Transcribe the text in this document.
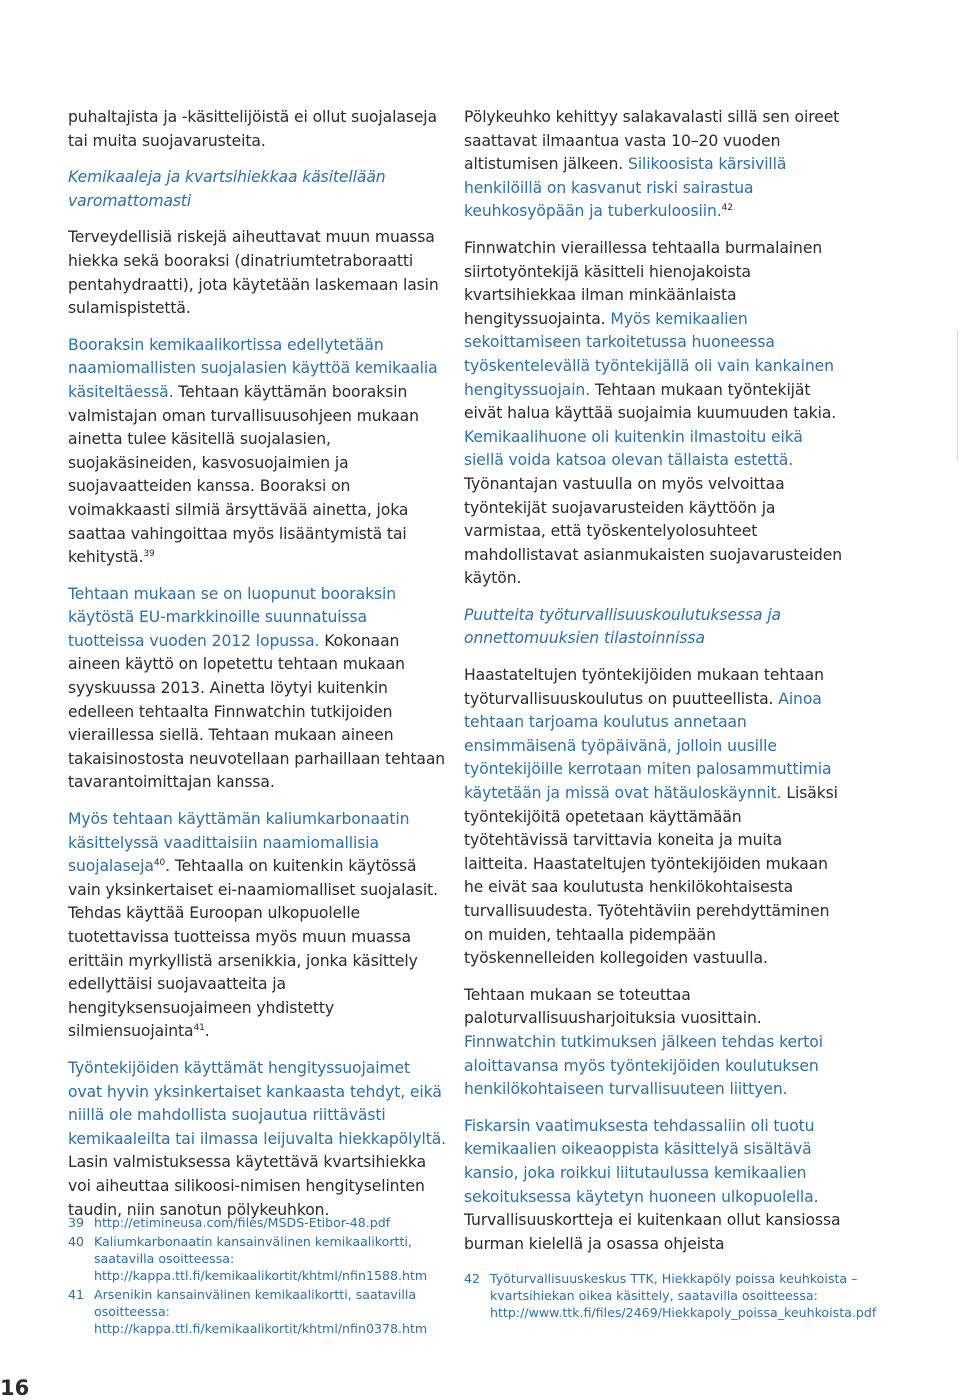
puhaltajista ja -käsittelijöistä ei ollut suojalaseja tai muita suojavarusteita.

Kemikaaleja ja kvartsihiekkaa käsitellään varomattomasti

Terveydellisiä riskejä aiheuttavat muun muassa hiekka sekä booraksi (dinatriumtetraboraatti pentahydraatti), jota käytetään laskemaan lasin sulamispistettä.

Booraksin kemikaalikortissa edellytetään naamiomallisten suojalasien käyttöä kemikaalia käsiteltäessä. Tehtaan käyttämän booraksin valmistajan oman turvallisuusohjeen mukaan ainetta tulee käsitellä suojalasien, suojakäsineiden, kasvosuojaimien ja suojavaatteiden kanssa. Booraksi on voimakkaasti silmiä ärsyttävää ainetta, joka saattaa vahingoittaa myös lisääntymistä tai kehitystä.$^{39}$

Tehtaan mukaan se on luopunut booraksin käytöstä EU-markkinoille suunnatuissa tuotteissa vuoden 2012 lopussa. Kokonaan aineen käyttö on lopetettu tehtaan mukaan syyskuussa 2013. Ainetta löytyi kuitenkin edelleen tehtaalta Finnwatchin tutkijoiden vieraillessa siellä. Tehtaan mukaan aineen takaisinostosta neuvotellaan parhaillaan tehtaan tavarantoimittajan kanssa.

Myös tehtaan käyttämän kaliumkarbonaatin käsittelyssä vaadittaisiin naamiomallisia suojalaseja$^{40}$. Tehtaalla on kuitenkin käytössä vain yksinkertaiset ei-naamiomalliset suojalasit. Tehdas käyttää Euroopan ulkopuolelle tuotettavissa tuotteissa myös muun muassa erittäin myrkyllistä arsenikkia, jonka käsittely edellyttäisi suojavaatteita ja hengityksensuojaimeen yhdistetty silmiensuojainta$^{41}$.

Työntekijöiden käyttämät hengityssuojaimet ovat hyvin yksinkertaiset kankaasta tehdyt, eikä niillä ole mahdollista suojautua riittävästi kemikaaleilta tai ilmassa leijuvalta hiekkapölyltä. Lasin valmistuksessa käytettävä kvartsihiekka voi aiheuttaa silikoosi-nimisen hengityselinten taudin, niin sanotun pölykeuhkon.

Pölykeuhko kehittyy salakavalasti sillä sen oireet saattavat ilmaantua vasta 10–20 vuoden altistumisen jälkeen. Silikoosista kärsivillä henkilöillä on kasvanut riski sairastua keuhkosyöpään ja tuberkuloosiin.$^{42}$

Finnwatchin vieraillessa tehtaalla burmalainen siirtotyöntekijä käsitteli hienojakoista kvartsihiekkaa ilman minkäänlaista hengityssuojainta. Myös kemikaalien sekoittamiseen tarkoitetussa huoneessa työskentelevällä työntekijällä oli vain kankainen hengityssuojain. Tehtaan mukaan työntekijät eivät halua käyttää suojaimia kuumuuden takia. Kemikaalihuone oli kuitenkin ilmastoitu eikä siellä voida katsoa olevan tällaista estettä. Työnantajan vastuulla on myös velvoittaa työntekijät suojavarusteiden käyttöön ja varmistaa, että työskentelyolosuhteet mahdollistavat asianmukaisten suojavarusteiden käytön.

Puutteita työturvallisuuskoulutuksessa ja onnettomuuksien tilastoinnissa

Haastateltujen työntekijöiden mukaan tehtaan työturvallisuuskoulutus on puutteellista. Ainoa tehtaan tarjoama koulutus annetaan ensimmäisenä työpäivänä, jolloin uusille työntekijöille kerrotaan miten palosammuttimia käytetään ja missä ovat hätäuloskäynnit. Lisäksi työntekijöitä opetetaan käyttämään työtehtävissä tarvittavia koneita ja muita laitteita. Haastateltujen työntekijöiden mukaan he eivät saa koulutusta henkilökohtaisesta turvallisuudesta. Työtehtäviin perehdyttäminen on muiden, tehtaalla pidempään työskennelleiden kollegoiden vastuulla.

Tehtaan mukaan se toteuttaa paloturvallisuusharjoituksia vuosittain. Finnwatchin tutkimuksen jälkeen tehdas kertoi aloittavansa myös työntekijöiden koulutuksen henkilökohtaiseen turvallisuuteen liittyen.

Fiskarsin vaatimuksesta tehdassaliin oli tuotu kemikaalien oikeaoppista käsittelyä sisältävä kansio, joka roikkui liitutaulussa kemikaalien sekoituksessa käytetyn huoneen ulkopuolella. Turvallisuuskortteja ei kuitenkaan ollut kansiossa burman kielellä ja osassa ohjeista

39 http://etimineusa.com/files/MSDS-Etibor-48.pdf
40 Kaliumkarbonaatin kansainvälinen kemikaalikortti, saatavilla osoitteessa: http://kappa.ttl.fi/kemikaalikortit/khtml/nfin1588.htm
41 Arsenikin kansainvälinen kemikaalikortti, saatavilla osoitteessa: http://kappa.ttl.fi/kemikaalikortit/khtml/nfin0378.htm
42 Työturvallisuuskeskus TTK, Hiekkapöly poissa keuhkoista – kvartsihiekan oikea käsittely, saatavilla osoitteessa: http://www.ttk.fi/files/2469/Hiekkapoly_poissa_keuhkoista.pdf
16
